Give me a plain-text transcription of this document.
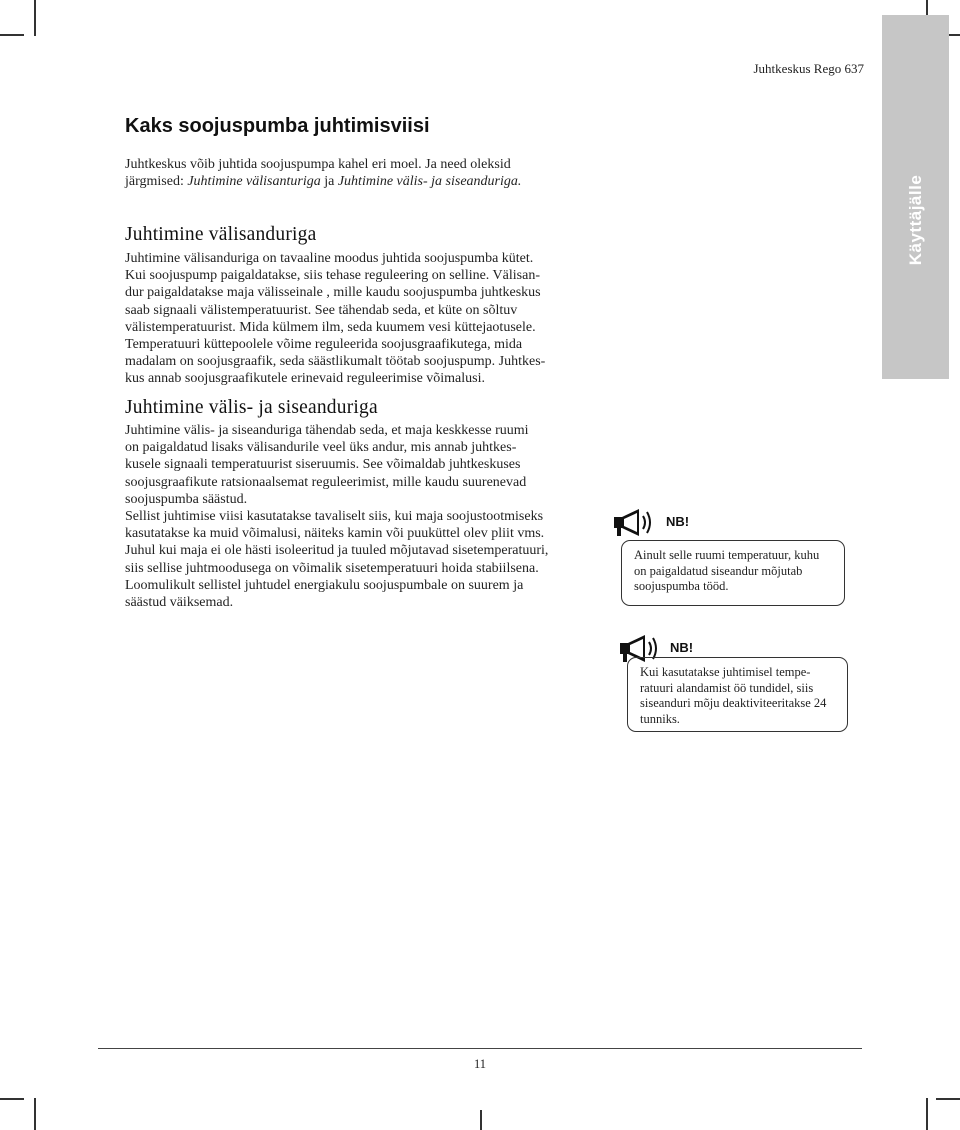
Juhtkeskus Rego 637
Käyttäjälle
Kaks soojuspumba juhtimisviisi

Juhtkeskus võib juhtida soojuspumpa kahel eri moel. Ja need oleksid järgmised: Juhtimine välisanturiga ja Juhtimine välis- ja siseanduriga.

Juhtimine välisanduriga

Juhtimine välisanduriga on tavaaline moodus juhtida soojuspumba kütet.
Kui soojuspump paigaldatakse, siis tehase reguleering on selline. Välisan-
dur paigaldatakse maja välisseinale , mille kaudu soojuspumba juhtkeskus
saab signaali välistemperatuurist. See tähendab seda, et küte on sõltuv
välistemperatuurist. Mida külmem ilm, seda kuumem vesi küttejaotusele.
Temperatuuri küttepoolele võime reguleerida soojusgraafikutega, mida
madalam on soojusgraafik, seda säästlikumalt töötab soojuspump. Juhtkes-
kus annab soojusgraafikutele erinevaid reguleerimise võimalusi.

Juhtimine välis- ja siseanduriga

Juhtimine välis- ja siseanduriga tähendab seda, et maja keskkesse ruumi
on paigaldatud lisaks välisandurile veel üks andur, mis annab juhtkes-
kusele signaali temperatuurist siseruumis. See võimaldab juhtkeskuses
soojusgraafikute ratsionaalsemat reguleerimist, mille kaudu suurenevad
soojuspumba säästud.

Sellist juhtimise viisi kasutatakse tavaliselt siis, kui maja soojustootmiseks
kasutatakse ka muid võimalusi, näiteks kamin või puuküttel olev pliit vms.
Juhul kui maja ei ole hästi isoleeritud ja tuuled mõjutavad sisetemperatuuri,
siis sellise juhtmoodusega on võimalik sisetemperatuuri hoida stabiilsena.
Loomulikult sellistel juhtudel energiakulu soojuspumbale on suurem ja
säästud väiksemad.

NB!
Ainult selle ruumi temperatuur, kuhu
on paigaldatud siseandur mõjutab
soojuspumba tööd.
NB!
Kui kasutatakse juhtimisel tempe-
ratuuri alandamist öö tundidel, siis
siseanduri mõju deaktiviteeritakse 24
tunniks.
11
